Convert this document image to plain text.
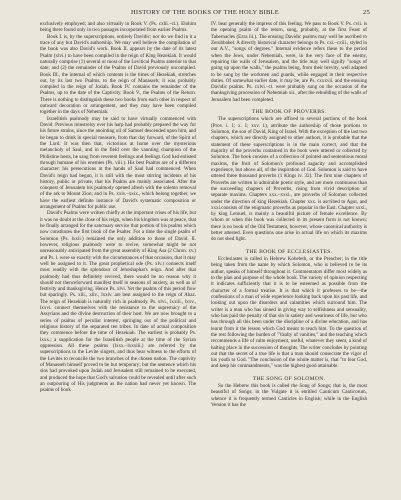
HISTORY OF THE BOOKS OF THE HOLY BIBLE	25

exclusively employed; and also virtually in Book V. (Ps. cxlii.–cl.). Elohim being there found only in two passages incorporated from earlier Psalms.

Book I. is, by the superscriptions, entirely Davidic; nor do we find in it a trace of any but David's authorship. We may well believe the compilation of the book was also David's work. Book II. appears by the date of its latest Psalm (xlvi.) to have been compiled in the reign of King Hezekiah. It would naturally comprise (1) several or most of the Levitical Psalms anterior to that date; and (2) the remainder of the Psalms of David previously uncompiled. Book III., the internal of which contents is the times of Hezekiah, stretches out, by its last two Psalms, to the reign of Manasseh; it was probably compiled in the reign of Josiah. Book IV. contains the remainder of the Psalms, up to the date of the Captivity. Book V., the Psalms of the Return. There is nothing to distinguish these two books from each other in respect of outward decoration or arrangement, and they may have been compiled together in the days of Nehemiah.

Israelitish psalmody may be said to have virtually commenced with David. Previous minstrelsy ever his harp had probably prepared the way for his future strains, since the anointing oil of Samuel descended upon him, and he began to drink in special measure, from that day forward, of the Spirit of the Lord. It was then that, victorious at home over the mysterious melancholy of Saul, and in the field over the vaunting champion of the Philistine hosts, he sang from reverent feelings and feelings God had enlisted through humane of his enemies (Ps. viii.). His best Psalms are of a different character: his persecutions at the hands of Saul had commenced. When David's reign had begun, it is still with the most stirring incidents of his history, public or private, that his Psalms are mainly associated. After the conquest of Jerusalem his psalmody opened afresh with the solemn removal of the ark to Mount Zion; and in Ps. xxiv.–xxix., which belong together, we have the earliest definite instance of David's systematic composition or arrangement of Psalms for public use.

David's Psalms were written chiefly at the important crises of his life, but it was no doubt at the close of his reign, when his kingdom was at peace, that he finally arranged for the sanctuary service that portion of his psalms which now constitutes the first book of the Psalter. For a time the single psalm of Solomon (Ps. lxxii.) remained the only addition to those of David. II. however, religious psalmody were to revive, somewhat might be not unreasonably anticipated from the great assembly of King Asa (2 Chron. xv.) and Ps. l. were so exactly with the circumstances of that occasion, that it may well be assigned to it. The great prophetical ode (Ps. xlv.) connects itself most readily with the splendour of Jehoshaphat's reign. And after that psalmody had thus definitely revived, there would be no reason why it should not thenceforward manifest itself in seasons of anxiety, as well as of festivity and thanksgiving. Hence Ps. xlvi. Yet the psalms of this period flow but sparingly. Ps. xlii., xliv., lxxiv. are best assigned to the reign of Ahaz. The reign of Hezekiah is naturally rich in psalmody. Ps. xlvi., lxxiii., lxxv., lxxvi. connect themselves with the resistance to the supremacy of the Assyrians and the divine destruction of their host. We are now brought to a series of psalms of peculiar interest, springing out of the political and religious history of the separated ten tribes. In date of actual composition they commence before the time of Hezekiah. The earliest is probably Ps. lxxx.; a supplication for the Israelitish people at the time of the Syrian oppression. All these psalms (lxxx.–lxxxiii.) are referred by the superscriptions to the Levite singers, and thus bear witness to the efforts of the Levites to reconcile the two branches of the chosen nation. The captivity of Manasseh himself proved to be but temporary; but the sentence which his sins had provoked upon Judah and Jerusalem still remained to be executed, and produced the hope that God's salvation could be revealed until after such an outpouring of His judgments as the nation had never yet known. The psalms of book

IV. bear generally the impress of this feeling. We pass to Book V. Ps. cvii. is the opening psalm of the return, sung, probably, at the first Feast of Tabernacles (Ezra iii.). The ensuing Davidic psalms may well be ascribed to Zerubbabel. A directly historical character belongs to Ps. cxi.–cxiii., styled in our A.V., "songs of degrees." Internal evidence refers these to the period when the Jews, under Nehemiah, were, in the very face of the enemy, repairing the walls of Jerusalem, and the title may well signify "songs of going up upon the walls," the psalms being, from their brevity, well adapted to be sung by the workmen and guards, while engaged in their respective duties. Of somewhat earlier date, it may be, are Ps. cxxxvii. and the ensuing Davidic psalms. Ps. cxlvi.–cl. were probably sung on the occasion of the thanksgiving procession of Nehemiah xii., after the rebuilding of the walls of Jerusalem had been completed.

THE BOOK OF PROVERBS.

The superscriptions which are affixed to several portions of the book (Prov. i. 1; x. 1; xxv. 1), attribute the authorship of those portions to Solomon, the son of David, King of Israel. With the exception of the last two chapters, which are directly assigned to other authors, it is probable that the statement of these superscriptions is in the main correct, and that the majority of the proverbs contained in the book were uttered or collected by Solomon. The book consists of a collection of pointed and sententious moral maxims, the fruit of Solomon's profound sagacity and accomplished experience, but above all, of the inspiration of God. Solomon is said to have uttered three thousand proverbs (1 Kings iv. 32). The first nine chapters of Proverbs are written in admirable poetic style, and are more continuous than the succeeding chapters of Proverbs, rising from vivid description of separate maxims. Chapters xxx.–xxxi., are proverbs of Solomon collected under the direction of king Hezekiah. Chapter xxx. is ascribed to Agur, and xxxi.consists of the enigmatic proverbs as popular in the East. Chapter xxxi., by king Lemuel, is mainly a beautiful picture of female excellence. By whom or when this book was collected in its present form is not known; there is no book of the Old Testament, however, whose canonical authority is better attested. Even questions one arise in actual life on which its maxims do not shed light.

THE BOOK OF ECCLESIASTES.

Ecclesiastes is called in Hebrew Koheleth, or the Preacher; in the title being taken from the name by which Solomon, who is believed to be its author, speaks of himself throughout it. Commentators differ most widely as to the plan and purpose of the whole book. The variety of opinion respecting it indicates sufficiently that it is to be esteemed as possible from the character of a formal treatise. It is that which it professes to be—the confessions of a man of wide experience looking back upon his past life, and looking out upon the disorders and calamities which surround him. The writer is a man who has sinned in giving way to selfishness and sensuality, who has paid the penalty of that sin in satiety and weariness of life, but who has through all this been under the discipline of a divine education, and has learnt from it the lesson which God meant to teach him. To the question of the rest following the burden of "Vanity of vanities," and the teaching which recommends a life of calm enjoyment, useful, whatever they seem, a kind of halting place in the succession of thoughts. The writer concludes by pointing out that the secret of a true life is that a man should consecrate the vigor of his youth to God. "The conclusion of the whole matter is, that "to fear God, and keep his commandments," was the highest good attainable.

THE SONG OF SOLOMON.

So the Hebrew this book is called the Song of Songs; that is, the most beautiful of Songs; in the Vulgate it is entitled Canticum Canticorum, whence it is frequently termed Canticles in English; while in the English Version it has the
